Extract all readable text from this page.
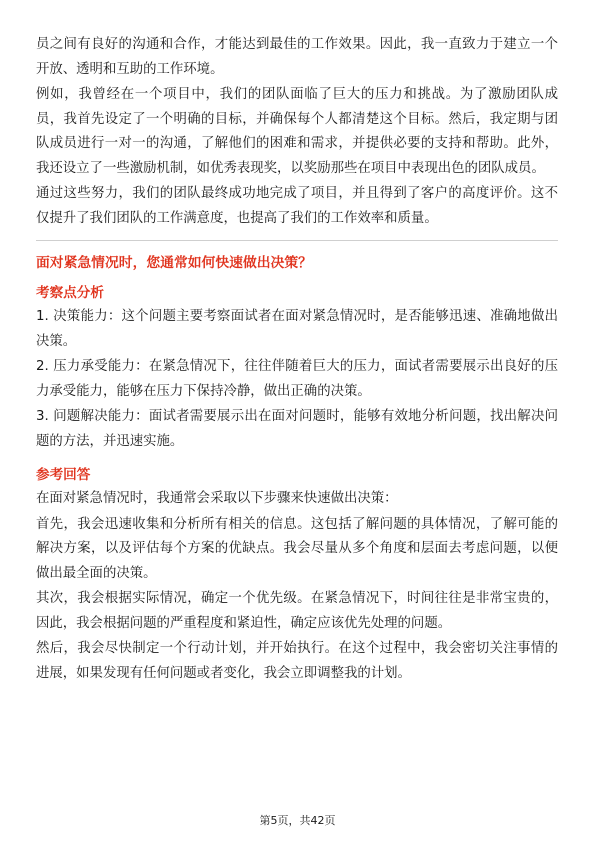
员之间有良好的沟通和合作，才能达到最佳的工作效果。因此，我一直致力于建立一个开放、透明和互助的工作环境。

例如，我曾经在一个项目中，我们的团队面临了巨大的压力和挑战。为了激励团队成员，我首先设定了一个明确的目标，并确保每个人都清楚这个目标。然后，我定期与团队成员进行一对一的沟通，了解他们的困难和需求，并提供必要的支持和帮助。此外，我还设立了一些激励机制，如优秀表现奖，以奖励那些在项目中表现出色的团队成员。

通过这些努力，我们的团队最终成功地完成了项目，并且得到了客户的高度评价。这不仅提升了我们团队的工作满意度，也提高了我们的工作效率和质量。

面对紧急情况时，您通常如何快速做出决策？
考察点分析

1. 决策能力：这个问题主要考察面试者在面对紧急情况时，是否能够迅速、准确地做出决策。

2. 压力承受能力：在紧急情况下，往往伴随着巨大的压力，面试者需要展示出良好的压力承受能力，能够在压力下保持冷静，做出正确的决策。

3. 问题解决能力：面试者需要展示出在面对问题时，能够有效地分析问题，找出解决问题的方法，并迅速实施。

参考回答

在面对紧急情况时，我通常会采取以下步骤来快速做出决策：

首先，我会迅速收集和分析所有相关的信息。这包括了解问题的具体情况，了解可能的解决方案，以及评估每个方案的优缺点。我会尽量从多个角度和层面去考虑问题，以便做出最全面的决策。

其次，我会根据实际情况，确定一个优先级。在紧急情况下，时间往往是非常宝贵的，因此，我会根据问题的严重程度和紧迫性，确定应该优先处理的问题。

然后，我会尽快制定一个行动计划，并开始执行。在这个过程中，我会密切关注事情的进展，如果发现有任何问题或者变化，我会立即调整我的计划。

第5页，共42页
